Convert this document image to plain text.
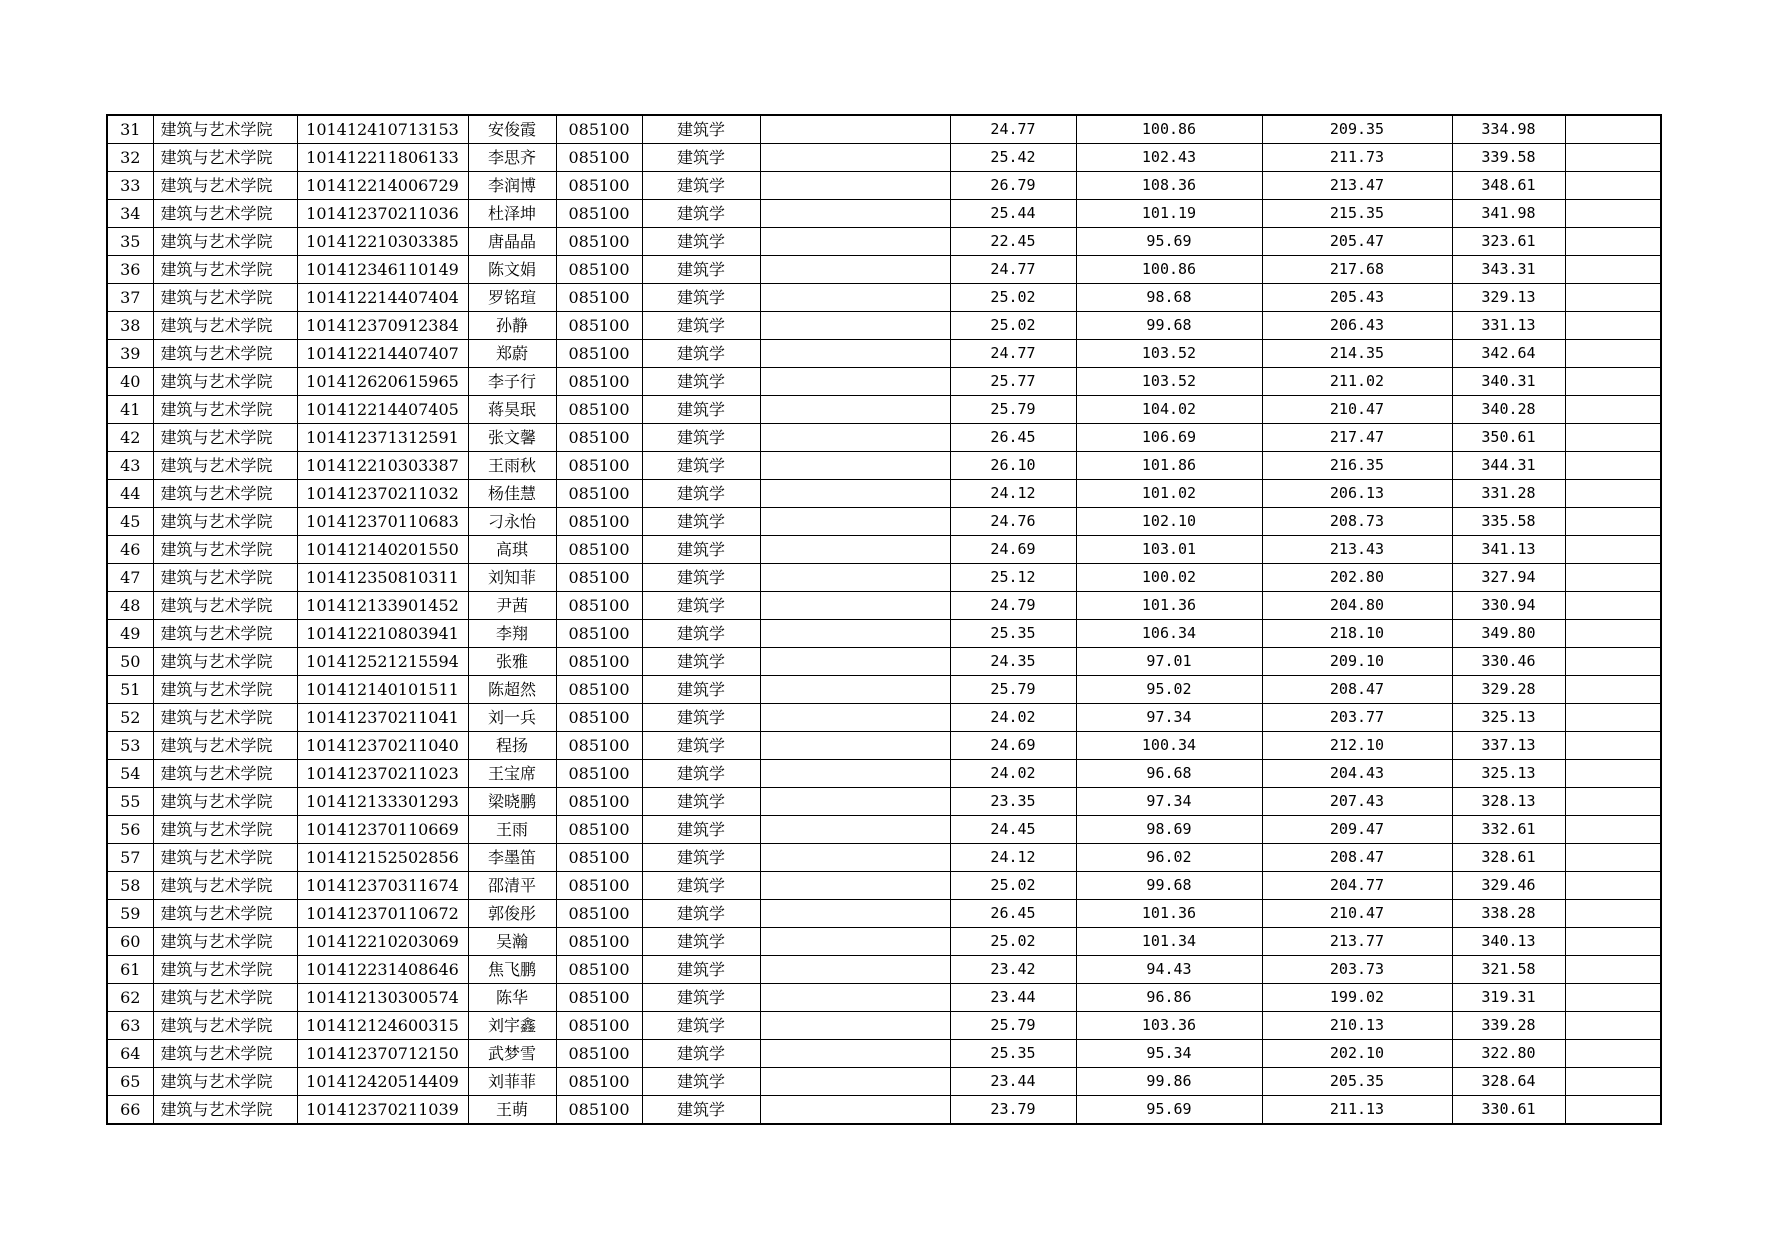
31	建筑与艺术学院	101412410713153	安俊霞	085100	建筑学		24.77	100.86	209.35	334.98	
32	建筑与艺术学院	101412211806133	李思齐	085100	建筑学		25.42	102.43	211.73	339.58	
33	建筑与艺术学院	101412214006729	李润博	085100	建筑学		26.79	108.36	213.47	348.61	
34	建筑与艺术学院	101412370211036	杜泽坤	085100	建筑学		25.44	101.19	215.35	341.98	
35	建筑与艺术学院	101412210303385	唐晶晶	085100	建筑学		22.45	95.69	205.47	323.61	
36	建筑与艺术学院	101412346110149	陈文娟	085100	建筑学		24.77	100.86	217.68	343.31	
37	建筑与艺术学院	101412214407404	罗铭瑄	085100	建筑学		25.02	98.68	205.43	329.13	
38	建筑与艺术学院	101412370912384	孙静	085100	建筑学		25.02	99.68	206.43	331.13	
39	建筑与艺术学院	101412214407407	郑蔚	085100	建筑学		24.77	103.52	214.35	342.64	
40	建筑与艺术学院	101412620615965	李子行	085100	建筑学		25.77	103.52	211.02	340.31	
41	建筑与艺术学院	101412214407405	蒋昊珉	085100	建筑学		25.79	104.02	210.47	340.28	
42	建筑与艺术学院	101412371312591	张文馨	085100	建筑学		26.45	106.69	217.47	350.61	
43	建筑与艺术学院	101412210303387	王雨秋	085100	建筑学		26.10	101.86	216.35	344.31	
44	建筑与艺术学院	101412370211032	杨佳慧	085100	建筑学		24.12	101.02	206.13	331.28	
45	建筑与艺术学院	101412370110683	刁永怡	085100	建筑学		24.76	102.10	208.73	335.58	
46	建筑与艺术学院	101412140201550	高琪	085100	建筑学		24.69	103.01	213.43	341.13	
47	建筑与艺术学院	101412350810311	刘知菲	085100	建筑学		25.12	100.02	202.80	327.94	
48	建筑与艺术学院	101412133901452	尹茜	085100	建筑学		24.79	101.36	204.80	330.94	
49	建筑与艺术学院	101412210803941	李翔	085100	建筑学		25.35	106.34	218.10	349.80	
50	建筑与艺术学院	101412521215594	张雅	085100	建筑学		24.35	97.01	209.10	330.46	
51	建筑与艺术学院	101412140101511	陈超然	085100	建筑学		25.79	95.02	208.47	329.28	
52	建筑与艺术学院	101412370211041	刘一兵	085100	建筑学		24.02	97.34	203.77	325.13	
53	建筑与艺术学院	101412370211040	程扬	085100	建筑学		24.69	100.34	212.10	337.13	
54	建筑与艺术学院	101412370211023	王宝席	085100	建筑学		24.02	96.68	204.43	325.13	
55	建筑与艺术学院	101412133301293	梁晓鹏	085100	建筑学		23.35	97.34	207.43	328.13	
56	建筑与艺术学院	101412370110669	王雨	085100	建筑学		24.45	98.69	209.47	332.61	
57	建筑与艺术学院	101412152502856	李墨笛	085100	建筑学		24.12	96.02	208.47	328.61	
58	建筑与艺术学院	101412370311674	邵清平	085100	建筑学		25.02	99.68	204.77	329.46	
59	建筑与艺术学院	101412370110672	郭俊彤	085100	建筑学		26.45	101.36	210.47	338.28	
60	建筑与艺术学院	101412210203069	吴瀚	085100	建筑学		25.02	101.34	213.77	340.13	
61	建筑与艺术学院	101412231408646	焦飞鹏	085100	建筑学		23.42	94.43	203.73	321.58	
62	建筑与艺术学院	101412130300574	陈华	085100	建筑学		23.44	96.86	199.02	319.31	
63	建筑与艺术学院	101412124600315	刘宇鑫	085100	建筑学		25.79	103.36	210.13	339.28	
64	建筑与艺术学院	101412370712150	武梦雪	085100	建筑学		25.35	95.34	202.10	322.80	
65	建筑与艺术学院	101412420514409	刘菲菲	085100	建筑学		23.44	99.86	205.35	328.64	
66	建筑与艺术学院	101412370211039	王萌	085100	建筑学		23.79	95.69	211.13	330.61	
